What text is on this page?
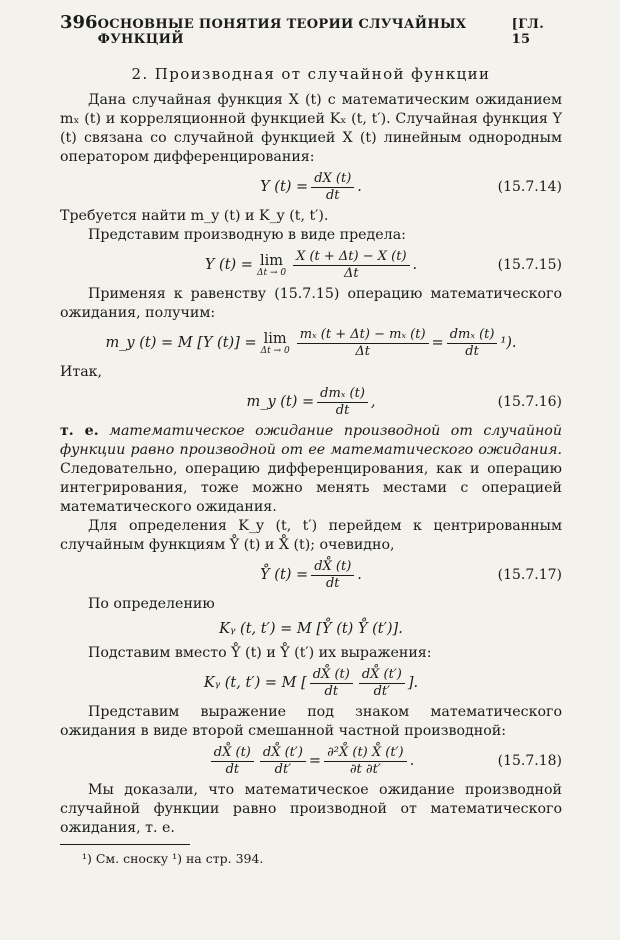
396 ОСНОВНЫЕ ПОНЯТИЯ ТЕОРИИ СЛУЧАЙНЫХ ФУНКЦИЙ
[ГЛ. 15
2. Производная от случайной функции

Дана случайная функция X (t) с математическим ожиданием mₓ (t) и корреляционной функцией Kₓ (t, t′). Случайная функция Y (t) связана со случайной функцией X (t) линейным однородным оператором дифференцирования:

Y $(t) = \frac{dX (t)}{dt}$ .	(15.7.14)

Требуется найти m_y (t) и K_y (t, t′).

Представим производную в виде предела:

Y (t) = lim
$\Delta t \to 0 \frac{X (t + \Delta t) - X (t)}{\Delta t}$ .	(15.7.15)

Применяя к равенству (15.7.15) операцию математического ожидания, получим:

m_y (t) = M [Y (t)] = lim
$\Delta t \to 0 \frac{\text{mₓ (t + Δt) − mₓ (t)}}{\Delta t} = \frac{\text{dmₓ (t)}}{dt} ^1$).

Итак,

m_y $(t) = \frac{\text{dmₓ (t)}}{dt}$ ,	(15.7.16)

т. е. математическое ожидание производной от случайной функции равно производной от ее математического ожидания. Следовательно, операцию дифференцирования, как и операцию интегрирования, тоже можно менять местами с операцией математического ожидания.

Для определения K_y (t, t′) перейдем к центрированным случайным функциям Y̊ (t) и X̊ (t); очевидно,

Y̊ $(t) = \frac{dX̊ (t)}{dt}$ .	(15.7.17)

По определению

Kᵧ (t, t′) = M [Y̊ (t) Y̊ (t′)].

Подставим вместо Y̊ (t) и Y̊ (t′) их выражения:

Kᵧ (t, t′) = M [ $\frac{dX̊ (t)}{dt} \frac{dX̊ (t')}{dt'}$ ].

Представим выражение под знаком математического ожидания в виде второй смешанной частной производной:

$\frac{dX̊ (t)}{dt} \frac{dX̊ (t')}{dt'} = \frac{\text{∂²X̊ (t) X̊ (t′)}}{\partial t \partial t'}$ .	(15.7.18)

Мы доказали, что математическое ожидание производной случайной функции равно производной от математического ожидания, т. е.

¹) См. сноску ¹) на стр. 394.
